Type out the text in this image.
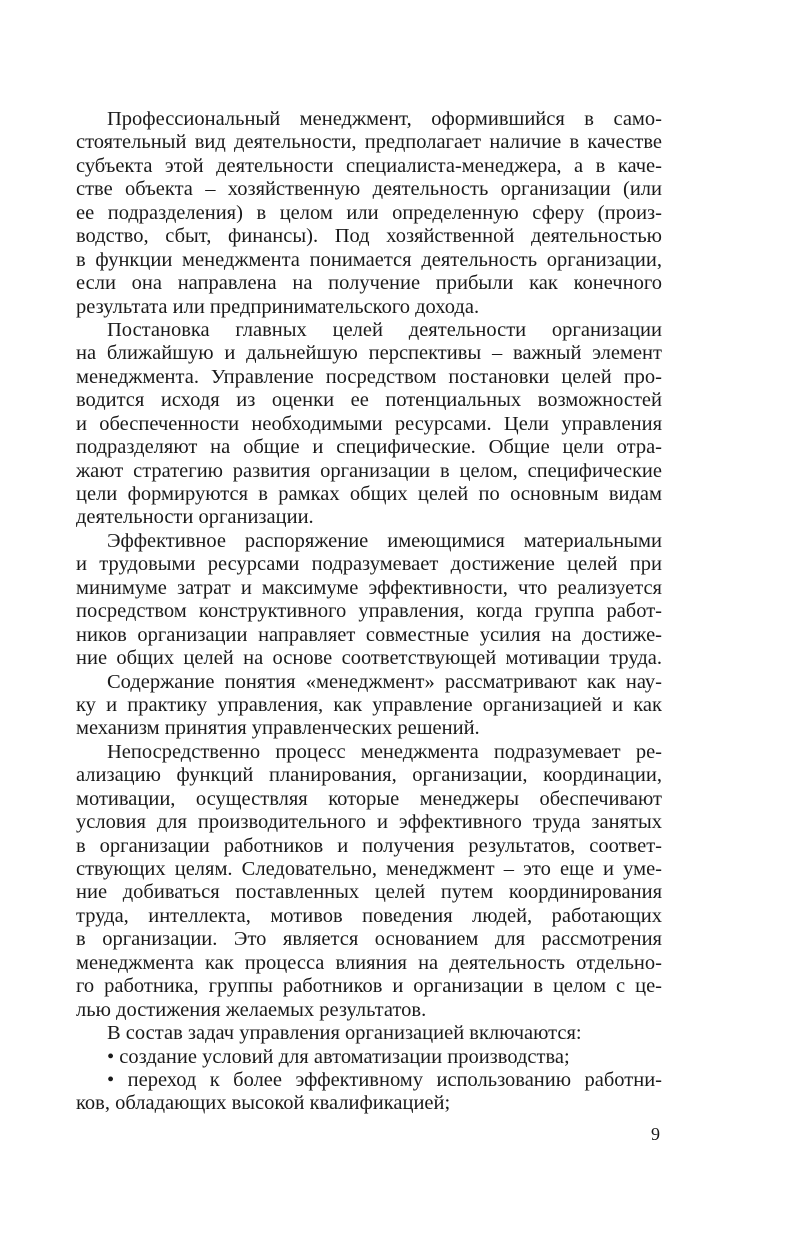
Профессиональный менеджмент, оформившийся в само-
стоятельный вид деятельности, предполагает наличие в качестве
субъекта этой деятельности специалиста-менеджера, а в каче-
стве объекта – хозяйственную деятельность организации (или
ее подразделения) в целом или определенную сферу (произ-
водство, сбыт, финансы). Под хозяйственной деятельностью
в функции менеджмента понимается деятельность организации,
если она направлена на получение прибыли как конечного
результата или предпринимательского дохода.
Постановка главных целей деятельности организации
на ближайшую и дальнейшую перспективы – важный элемент
менеджмента. Управление посредством постановки целей про-
водится исходя из оценки ее потенциальных возможностей
и обеспеченности необходимыми ресурсами. Цели управления
подразделяют на общие и специфические. Общие цели отра-
жают стратегию развития организации в целом, специфические
цели формируются в рамках общих целей по основным видам
деятельности организации.
Эффективное распоряжение имеющимися материальными
и трудовыми ресурсами подразумевает достижение целей при
минимуме затрат и максимуме эффективности, что реализуется
посредством конструктивного управления, когда группа работ-
ников организации направляет совместные усилия на достиже-
ние общих целей на основе соответствующей мотивации труда.
Содержание понятия «менеджмент» рассматривают как нау-
ку и практику управления, как управление организацией и как
механизм принятия управленческих решений.
Непосредственно процесс менеджмента подразумевает ре-
ализацию функций планирования, организации, координации,
мотивации, осуществляя которые менеджеры обеспечивают
условия для производительного и эффективного труда занятых
в организации работников и получения результатов, соответ-
ствующих целям. Следовательно, менеджмент – это еще и уме-
ние добиваться поставленных целей путем координирования
труда, интеллекта, мотивов поведения людей, работающих
в организации. Это является основанием для рассмотрения
менеджмента как процесса влияния на деятельность отдельно-
го работника, группы работников и организации в целом с це-
лью достижения желаемых результатов.
В состав задач управления организацией включаются:
• создание условий для автоматизации производства;
• переход к более эффективному использованию работни-
ков, обладающих высокой квалификацией;
9
